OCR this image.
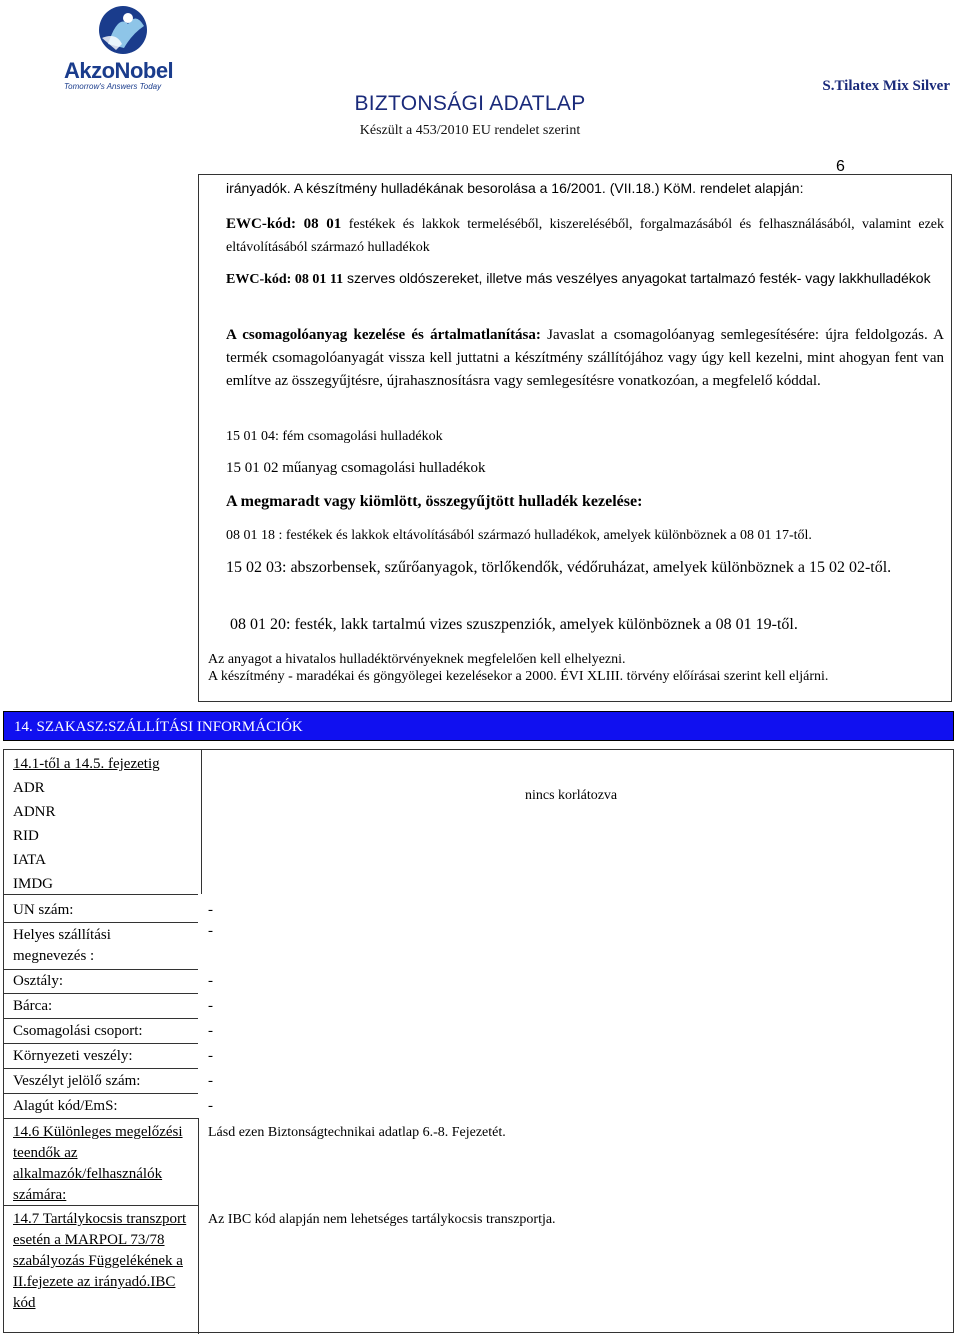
AkzoNobel
Tomorrow's Answers Today
BIZTONSÁGI ADATLAP
Készült a 453/2010 EU rendelet szerint
S.Tilatex Mix Silver
6
irányadók. A készítmény hulladékának besorolása a 16/2001. (VII.18.) KöM. rendelet alapján:
EWC-kód: 08 01 festékek és lakkok termeléséből, kiszereléséből, forgalmazásából és felhasználásából, valamint ezek eltávolításából származó hulladékok
EWC-kód: 08 01 11 szerves oldószereket, illetve más veszélyes anyagokat tartalmazó festék- vagy lakkhulladékok
A csomagolóanyag kezelése és ártalmatlanítása: Javaslat a csomagolóanyag semlegesítésére: újra feldolgozás. A termék csomagolóanyagát vissza kell juttatni a készítmény szállítójához vagy úgy kell kezelni, mint ahogyan fent van említve az összegyűjtésre, újrahasznosításra vagy semlegesítésre vonatkozóan, a megfelelő kóddal.
15 01 04: fém csomagolási hulladékok
15 01 02 műanyag csomagolási hulladékok
A megmaradt vagy kiömlött, összegyűjtött hulladék kezelése:
08 01 18 : festékek és lakkok eltávolításából származó hulladékok, amelyek különböznek a 08 01 17-től.
15 02 03: abszorbensek, szűrőanyagok, törlőkendők, védőruházat, amelyek különböznek a 15 02 02-től.
08 01 20: festék, lakk tartalmú vizes szuszpenziók, amelyek különböznek a 08 01 19-től.
Az anyagot a hivatalos hulladéktörvényeknek megfelelően kell elhelyezni.
A készítmény - maradékai és göngyölegei kezelésekor a 2000. ÉVI XLIII. törvény előírásai szerint kell eljárni.
14. SZAKASZ:SZÁLLÍTÁSI INFORMÁCIÓK
14.1-től a 14.5. fejezetig
ADR
ADNR
RID
IATA
IMDG
nincs korlátozva
UN szám:	-
Helyes szállítási megnevezés :
-
Osztály:	-
Bárca:	-
Csomagolási csoport:	-
Környezeti veszély:	-
Veszélyt jelölő szám:	-
Alagút kód/EmS:	-
14.6 Különleges megelőzési teendők az alkalmazók/felhasználók számára:
Lásd ezen Biztonságtechnikai adatlap 6.-8. Fejezetét.
14.7 Tartálykocsis transzport esetén a MARPOL 73/78 szabályozás Függelékének a II.fejezete az irányadó.IBC kód
Az IBC kód alapján nem lehetséges tartálykocsis transzportja.
